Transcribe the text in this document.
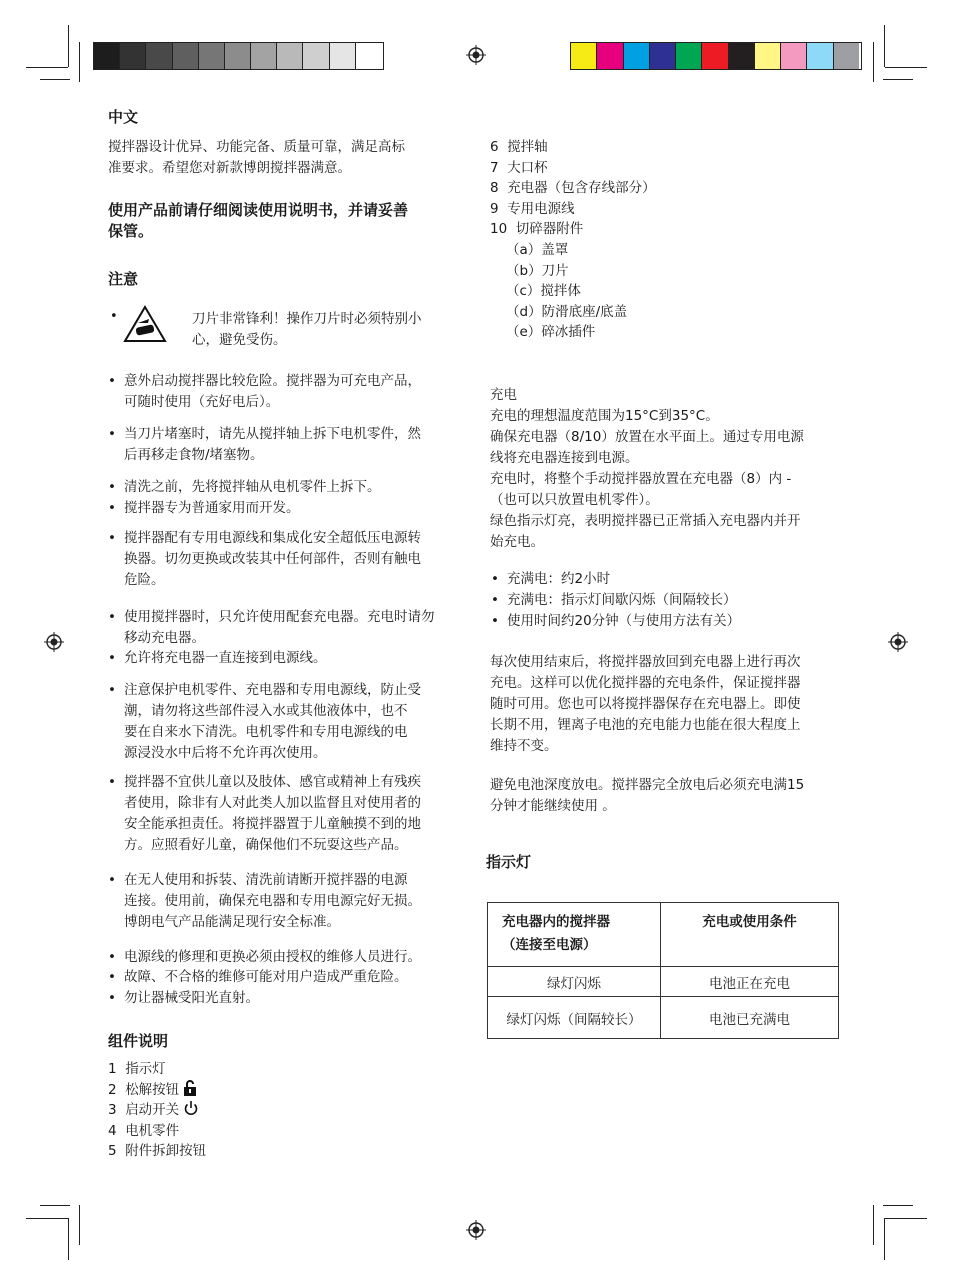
中文
搅拌器设计优异、功能完备、质量可靠，满足高标
准要求。希望您对新款博朗搅拌器满意。
使用产品前请仔细阅读使用说明书，并请妥善
保管。
注意
•	刀片非常锋利！操作刀片时必须特别小
心，避免受伤。
• 意外启动搅拌器比较危险。搅拌器为可充电产品，
可随时使用（充好电后）。
• 当刀片堵塞时，请先从搅拌轴上拆下电机零件，然
后再移走食物/堵塞物。
• 清洗之前，先将搅拌轴从电机零件上拆下。
• 搅拌器专为普通家用而开发。
• 搅拌器配有专用电源线和集成化安全超低压电源转
换器。切勿更换或改装其中任何部件，否则有触电
危险。
• 使用搅拌器时，只允许使用配套充电器。充电时请勿
移动充电器。
• 允许将充电器一直连接到电源线。
• 注意保护电机零件、充电器和专用电源线，防止受
潮，请勿将这些部件浸入水或其他液体中，也不
要在自来水下清洗。电机零件和专用电源线的电
源浸没水中后将不允许再次使用。
• 搅拌器不宜供儿童以及肢体、感官或精神上有残疾
者使用，除非有人对此类人加以监督且对使用者的
安全能承担责任。将搅拌器置于儿童触摸不到的地
方。应照看好儿童，确保他们不玩耍这些产品。
• 在无人使用和拆装、清洗前请断开搅拌器的电源
连接。使用前，确保充电器和专用电源完好无损。
博朗电气产品能满足现行安全标准。
• 电源线的修理和更换必须由授权的维修人员进行。
• 故障、不合格的维修可能对用户造成严重危险。
• 勿让器械受阳光直射。
组件说明
1 指示灯
2 松解按钮
3 启动开关
4 电机零件
5 附件拆卸按钮
6 搅拌轴
7 大口杯
8 充电器（包含存线部分）
9 专用电源线
10 切碎器附件
（a）盖罩
（b）刀片
（c）搅拌体
（d）防滑底座/底盖
（e）碎冰插件
充电
充电的理想温度范围为15°C到35°C。
确保充电器（8/10）放置在水平面上。通过专用电源
线将充电器连接到电源。
充电时，将整个手动搅拌器放置在充电器（8）内 -
（也可以只放置电机零件）。
绿色指示灯亮，表明搅拌器已正常插入充电器内并开
始充电。
• 充满电：约2小时
• 充满电：指示灯间歇闪烁（间隔较长）
• 使用时间约20分钟（与使用方法有关）
每次使用结束后，将搅拌器放回到充电器上进行再次
充电。这样可以优化搅拌器的充电条件，保证搅拌器
随时可用。您也可以将搅拌器保存在充电器上。即使
长期不用，锂离子电池的充电能力也能在很大程度上
维持不变。
避免电池深度放电。搅拌器完全放电后必须充电满15
分钟才能继续使用 。
指示灯
充电器内的搅拌器
（连接至电源）	充电或使用条件

绿灯闪烁	电池正在充电
绿灯闪烁（间隔较长）	电池已充满电
